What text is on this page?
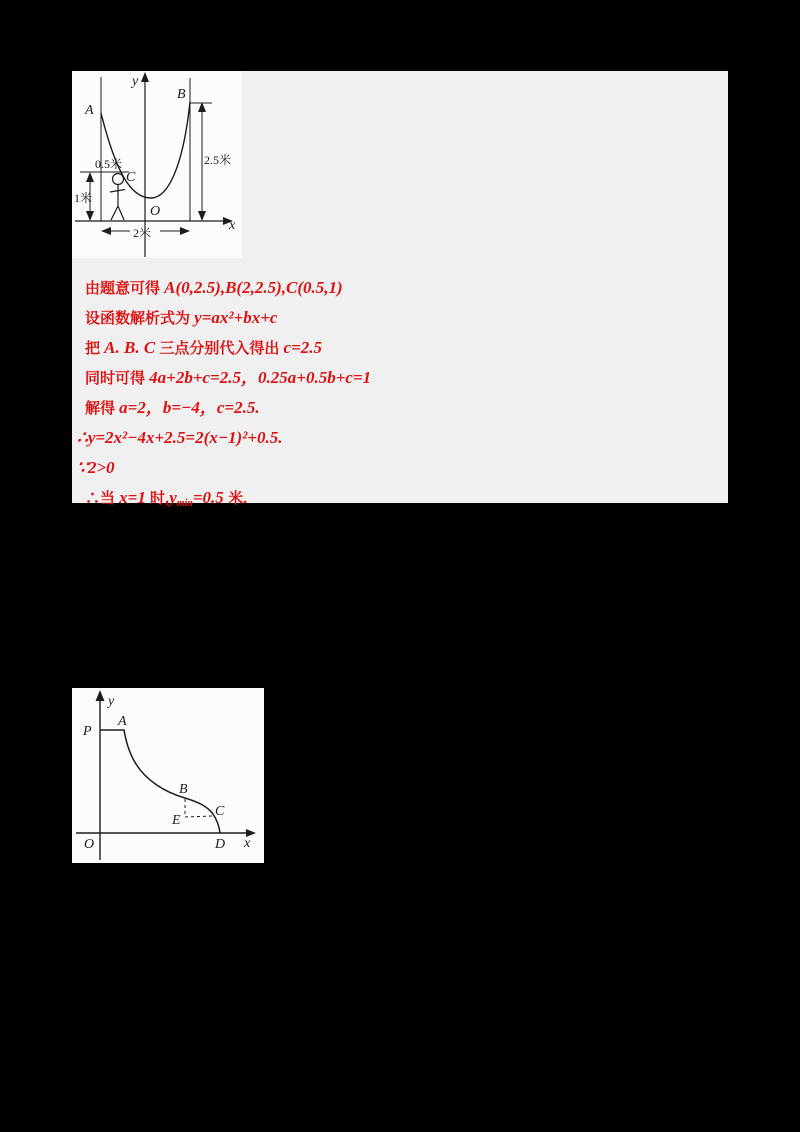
y
x
A
B
C
O
2.5米
0.5米
1米
2米
由题意可得 A(0,2.5),B(2,2.5),C(0.5,1)
设函数解析式为 y=ax²+bx+c
把 A. B. C 三点分别代入得出 c=2.5
同时可得 4a+2b+c=2.5，0.25a+0.5b+c=1
解得 a=2，b=−4，c=2.5.
∴y=2x²−4x+2.5=2(x−1)²+0.5.
∵2>0
∴当 x=1 时$,y_{min}=0.5$ 米.
y
x
P
A
B
C
E
D
O
